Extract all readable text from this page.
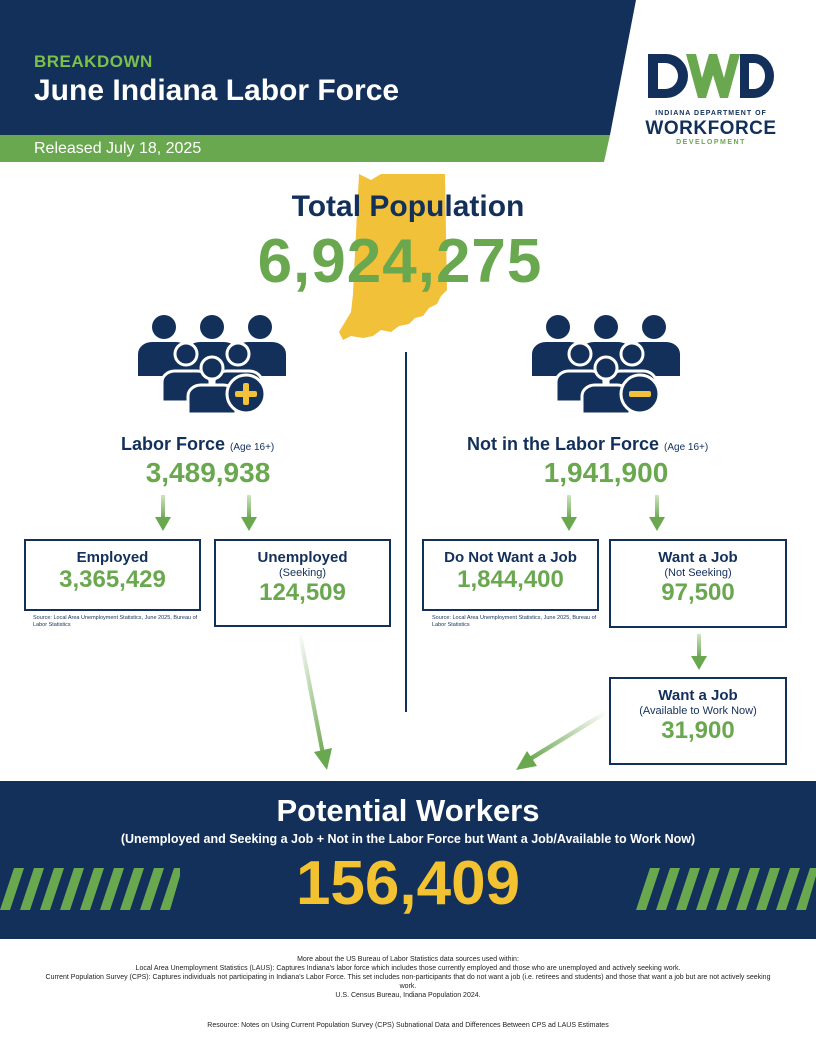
BREAKDOWN
June Indiana Labor Force
Released July 18, 2025
INDIANA DEPARTMENT OF
WORKFORCE
DEVELOPMENT
Total Population
6,924,275
Labor Force (Age 16+)
3,489,938
Not in the Labor Force (Age 16+)
1,941,900
Employed
3,365,429
Unemployed
(Seeking)
124,509
Do Not Want a Job
1,844,400
Want a Job
(Not Seeking)
97,500
Want a Job
(Available to Work Now)
31,900
Source: Local Area Unemployment Statistics, June 2025, Bureau of Labor Statistics
Source: Local Area Unemployment Statistics, June 2025, Bureau of Labor Statistics
Potential Workers
(Unemployed and Seeking a Job + Not in the Labor Force but Want a Job/Available to Work Now)
156,409
More about the US Bureau of Labor Statistics data sources used within:
Local Area Unemployment Statistics (LAUS): Captures Indiana's labor force which includes those currently employed and those who are unemployed and actively seeking work.
Current Population Survey (CPS): Captures individuals not participating in Indiana's Labor Force. This set includes non-participants that do not want a job (i.e. retirees and students) and those that want a job but are not actively seeking work.
U.S. Census Bureau, Indiana Population 2024.
Resource: Notes on Using Current Population Survey (CPS) Subnational Data and Differences Between CPS ad LAUS Estimates
